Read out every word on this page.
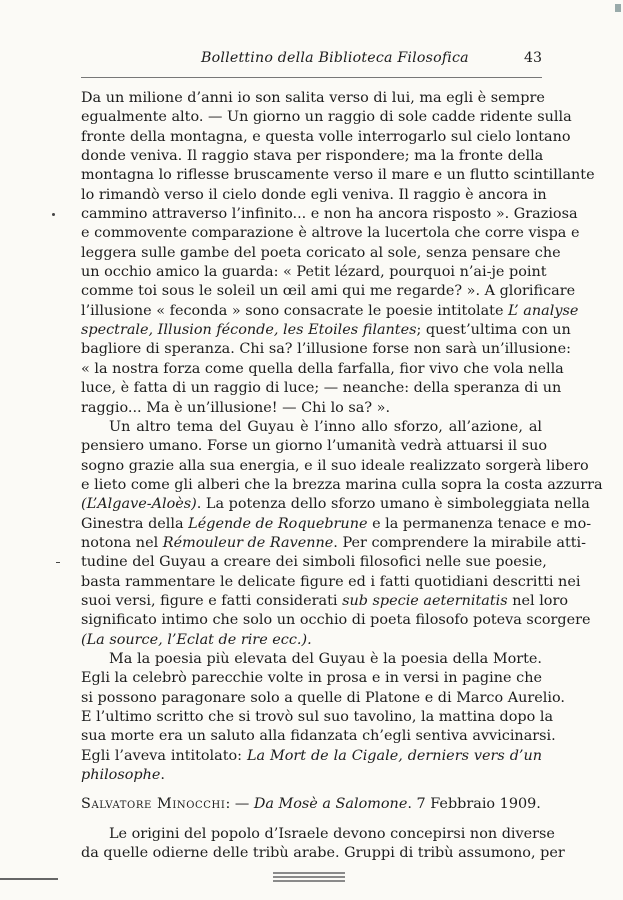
Bollettino della Biblioteca Filosofica	43
Da un milione d’anni io son salita verso di lui, ma egli è sempre
egualmente alto. — Un giorno un raggio di sole cadde ridente sulla
fronte della montagna, e questa volle interrogarlo sul cielo lontano
donde veniva. Il raggio stava per rispondere; ma la fronte della
montagna lo riflesse bruscamente verso il mare e un flutto scintillante
lo rimandò verso il cielo donde egli veniva. Il raggio è ancora in
cammino attraverso l’infinito... e non ha ancora risposto ». Graziosa
e commovente comparazione è altrove la lucertola che corre vispa e
leggera sulle gambe del poeta coricato al sole, senza pensare che
un occhio amico la guarda: « Petit lézard, pourquoi n’ai-je point
comme toi sous le soleil un œil ami qui me regarde? ». A glorificare
l’illusione « feconda » sono consacrate le poesie intitolate L’ analyse
spectrale, Illusion féconde, les Etoiles filantes; quest’ultima con un
bagliore di speranza. Chi sa? l’illusione forse non sarà un’illusione:
« la nostra forza come quella della farfalla, fior vivo che vola nella
luce, è fatta di un raggio di luce; — neanche: della speranza di un
raggio... Ma è un’illusione! — Chi lo sa? ».
Un altro tema del Guyau è l’inno allo sforzo, all’azione, al
pensiero umano. Forse un giorno l’umanità vedrà attuarsi il suo
sogno grazie alla sua energia, e il suo ideale realizzato sorgerà libero
e lieto come gli alberi che la brezza marina culla sopra la costa azzurra
(L’Algave-Aloès). La potenza dello sforzo umano è simboleggiata nella
Ginestra della Légende de Roquebrune e la permanenza tenace e mo-
notona nel Rémouleur de Ravenne. Per comprendere la mirabile atti-
tudine del Guyau a creare dei simboli filosofici nelle sue poesie,
basta rammentare le delicate figure ed i fatti quotidiani descritti nei
suoi versi, figure e fatti considerati sub specie aeternitatis nel loro
significato intimo che solo un occhio di poeta filosofo poteva scorgere
(La source, l’Eclat de rire ecc.).
Ma la poesia più elevata del Guyau è la poesia della Morte.
Egli la celebrò parecchie volte in prosa e in versi in pagine che
si possono paragonare solo a quelle di Platone e di Marco Aurelio.
E l’ultimo scritto che si trovò sul suo tavolino, la mattina dopo la
sua morte era un saluto alla fidanzata ch’egli sentiva avvicinarsi.
Egli l’aveva intitolato: La Mort de la Cigale, derniers vers d’un
philosophe.
Salvatore Minocchi: — Da Mosè a Salomone. 7 Febbraio 1909.
Le origini del popolo d’Israele devono concepirsi non diverse
da quelle odierne delle tribù arabe. Gruppi di tribù assumono, per
